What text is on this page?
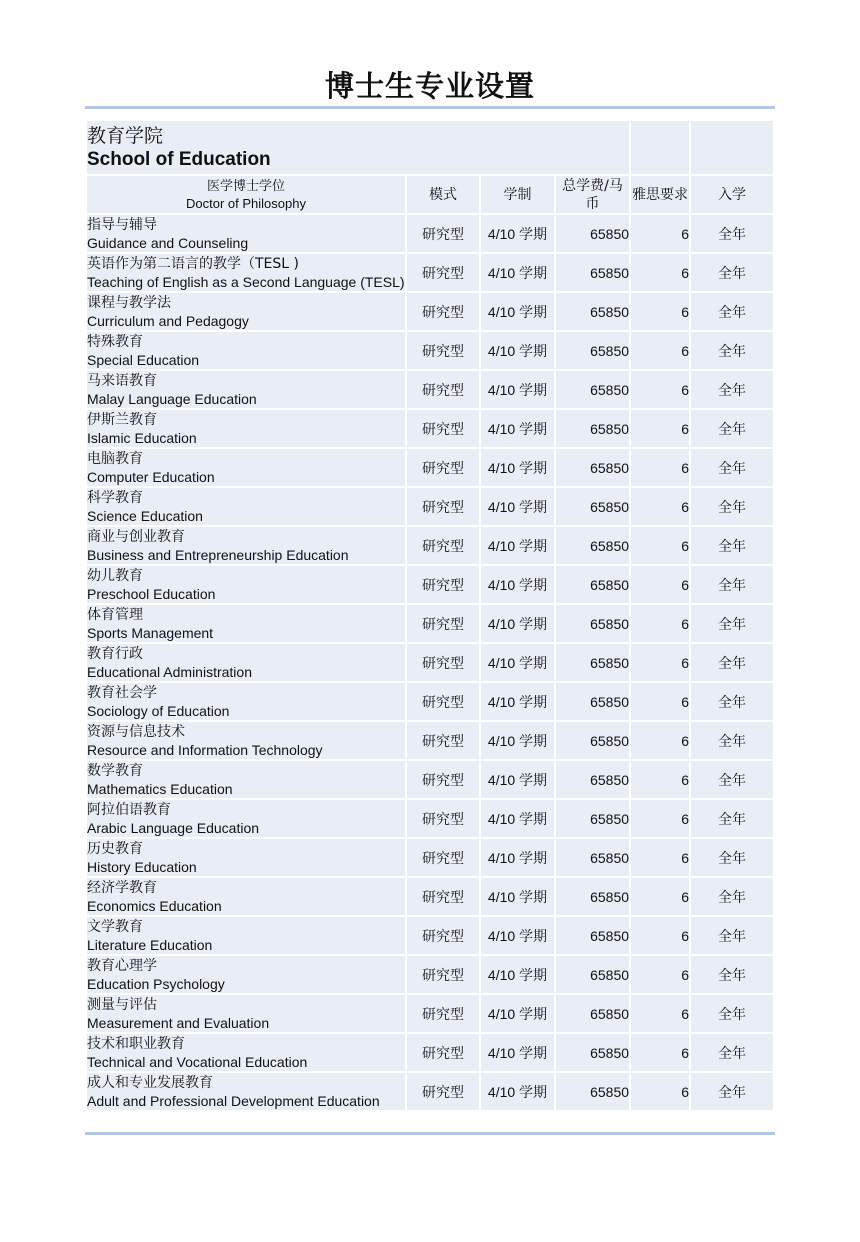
博士生专业设置
教育学院
School of Education					

医学博士学位
Doctor of Philosophy	模式	学制	总学费/马币	雅思要求	入学

指导与辅导
Guidance and Counseling	研究型	4/10 学期	65850	6	全年

英语作为第二语言的教学（TESL )
Teaching of English as a Second Language (TESL)	研究型	4/10 学期	65850	6	全年

课程与教学法
Curriculum and Pedagogy	研究型	4/10 学期	65850	6	全年

特殊教育
Special Education	研究型	4/10 学期	65850	6	全年

马来语教育
Malay Language Education	研究型	4/10 学期	65850	6	全年

伊斯兰教育
Islamic Education	研究型	4/10 学期	65850	6	全年

电脑教育
Computer Education	研究型	4/10 学期	65850	6	全年

科学教育
Science Education	研究型	4/10 学期	65850	6	全年

商业与创业教育
Business and Entrepreneurship Education	研究型	4/10 学期	65850	6	全年

幼儿教育
Preschool Education	研究型	4/10 学期	65850	6	全年

体育管理
Sports Management	研究型	4/10 学期	65850	6	全年

教育行政
Educational Administration	研究型	4/10 学期	65850	6	全年

教育社会学
Sociology of Education	研究型	4/10 学期	65850	6	全年

资源与信息技术
Resource and Information Technology	研究型	4/10 学期	65850	6	全年

数学教育
Mathematics Education	研究型	4/10 学期	65850	6	全年

阿拉伯语教育
Arabic Language Education	研究型	4/10 学期	65850	6	全年

历史教育
History Education	研究型	4/10 学期	65850	6	全年

经济学教育
Economics Education	研究型	4/10 学期	65850	6	全年

文学教育
Literature Education	研究型	4/10 学期	65850	6	全年

教育心理学
Education Psychology	研究型	4/10 学期	65850	6	全年

测量与评估
Measurement and Evaluation	研究型	4/10 学期	65850	6	全年

技术和职业教育
Technical and Vocational Education	研究型	4/10 学期	65850	6	全年

成人和专业发展教育
Adult and Professional Development Education	研究型	4/10 学期	65850	6	全年
